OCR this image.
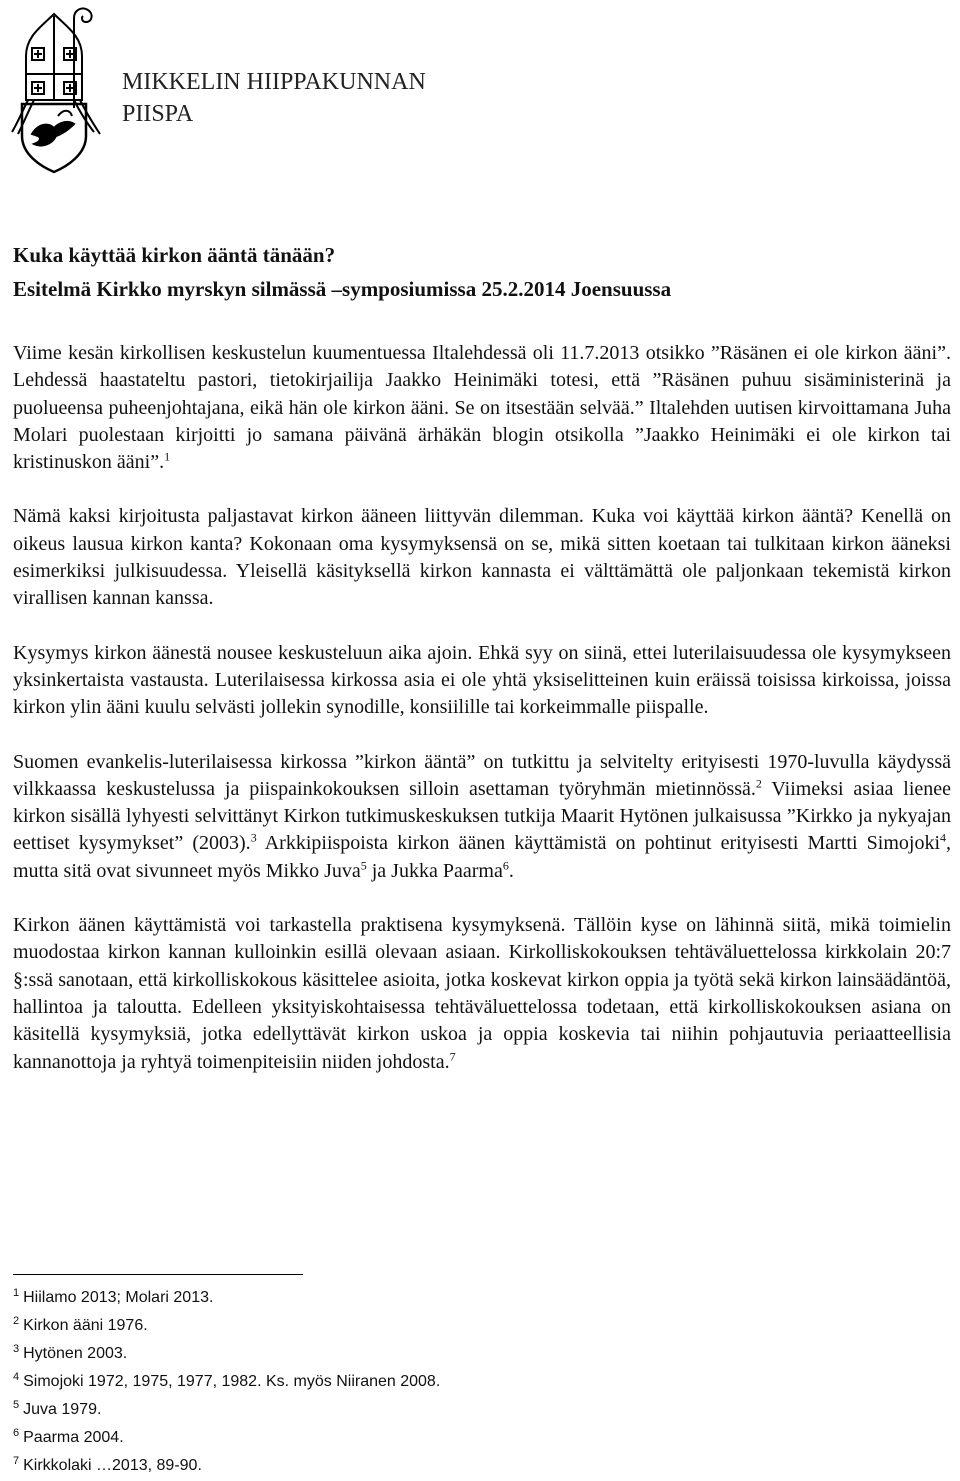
MIKKELIN HIIPPAKUNNAN
PIISPA
Kuka käyttää kirkon ääntä tänään?
Esitelmä Kirkko myrskyn silmässä –symposiumissa 25.2.2014 Joensuussa

Viime kesän kirkollisen keskustelun kuumentuessa Iltalehdessä oli 11.7.2013 otsikko ”Räsänen ei ole kirkon ääni”. Lehdessä haastateltu pastori, tietokirjailija Jaakko Heinimäki totesi, että ”Räsänen puhuu sisäministerinä ja puolueensa puheenjohtajana, eikä hän ole kirkon ääni. Se on itsestään selvää.” Iltalehden uutisen kirvoittamana Juha Molari puolestaan kirjoitti jo samana päivänä ärhäkän blogin otsikolla ”Jaakko Heinimäki ei ole kirkon tai kristinuskon ääni”.$^1$

Nämä kaksi kirjoitusta paljastavat kirkon ääneen liittyvän dilemman. Kuka voi käyttää kirkon ääntä? Kenellä on oikeus lausua kirkon kanta? Kokonaan oma kysymyksensä on se, mikä sitten koetaan tai tulkitaan kirkon ääneksi esimerkiksi julkisuudessa. Yleisellä käsityksellä kirkon kannasta ei välttämättä ole paljonkaan tekemistä kirkon virallisen kannan kanssa.

Kysymys kirkon äänestä nousee keskusteluun aika ajoin. Ehkä syy on siinä, ettei luterilaisuudessa ole kysymykseen yksinkertaista vastausta. Luterilaisessa kirkossa asia ei ole yhtä yksiselitteinen kuin eräissä toisissa kirkoissa, joissa kirkon ylin ääni kuulu selvästi jollekin synodille, konsiilille tai korkeimmalle piispalle.

Suomen evankelis-luterilaisessa kirkossa ”kirkon ääntä” on tutkittu ja selvitelty erityisesti 1970-luvulla käydyssä vilkkaassa keskustelussa ja piispainkokouksen silloin asettaman työryhmän mietinnössä.$^2$ Viimeksi asiaa lienee kirkon sisällä lyhyesti selvittänyt Kirkon tutkimuskeskuksen tutkija Maarit Hytönen julkaisussa ”Kirkko ja nykyajan eettiset kysymykset” (2003).$^3$ Arkkipiispoista kirkon äänen käyttämistä on pohtinut erityisesti Martti Simojoki$^4$, mutta sitä ovat sivunneet myös Mikko Juva$^5$ ja Jukka Paarma$^6$.

Kirkon äänen käyttämistä voi tarkastella praktisena kysymyksenä. Tällöin kyse on lähinnä siitä, mikä toimielin muodostaa kirkon kannan kulloinkin esillä olevaan asiaan. Kirkolliskokouksen tehtäväluettelossa kirkkolain 20:7 §:ssä sanotaan, että kirkolliskokous käsittelee asioita, jotka koskevat kirkon oppia ja työtä sekä kirkon lainsäädäntöä, hallintoa ja taloutta. Edelleen yksityiskohtaisessa tehtäväluettelossa todetaan, että kirkolliskokouksen asiana on käsitellä kysymyksiä, jotka edellyttävät kirkon uskoa ja oppia koskevia tai niihin pohjautuvia periaatteellisia kannanottoja ja ryhtyä toimenpiteisiin niiden johdosta.$^7$

$^1$ Hiilamo 2013; Molari 2013.
$^2$ Kirkon ääni 1976.
$^3$ Hytönen 2003.
$^4$ Simojoki 1972, 1975, 1977, 1982. Ks. myös Niiranen 2008.
$^5$ Juva 1979.
$^6$ Paarma 2004.
$^7$ Kirkkolaki …2013, 89-90.
